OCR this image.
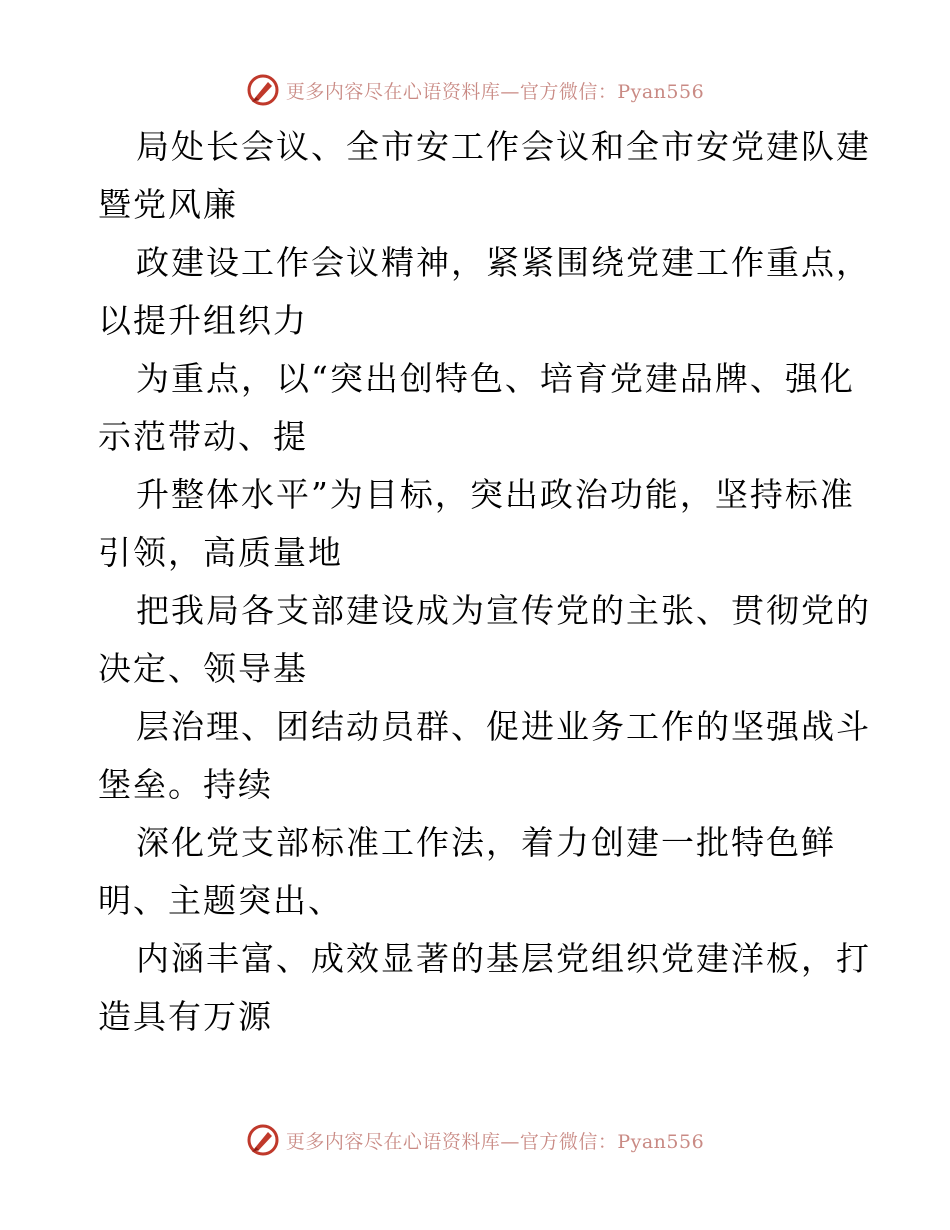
更多内容尽在心语资料库—官方微信：Pyan556
局处长会议、全市安工作会议和全市安党建队建
暨党风廉
政建设工作会议精神，紧紧围绕党建工作重点，
以提升组织力
为重点，以“突出创特色、培育党建品牌、强化
示范带动、提
升整体水平”为目标，突出政治功能，坚持标准
引领，高质量地
把我局各支部建设成为宣传党的主张、贯彻党的
决定、领导基
层治理、团结动员群、促进业务工作的坚强战斗
堡垒。持续
深化党支部标准工作法，着力创建一批特色鲜
明、主题突出、
内涵丰富、成效显著的基层党组织党建洋板，打
造具有万源
更多内容尽在心语资料库—官方微信：Pyan556
